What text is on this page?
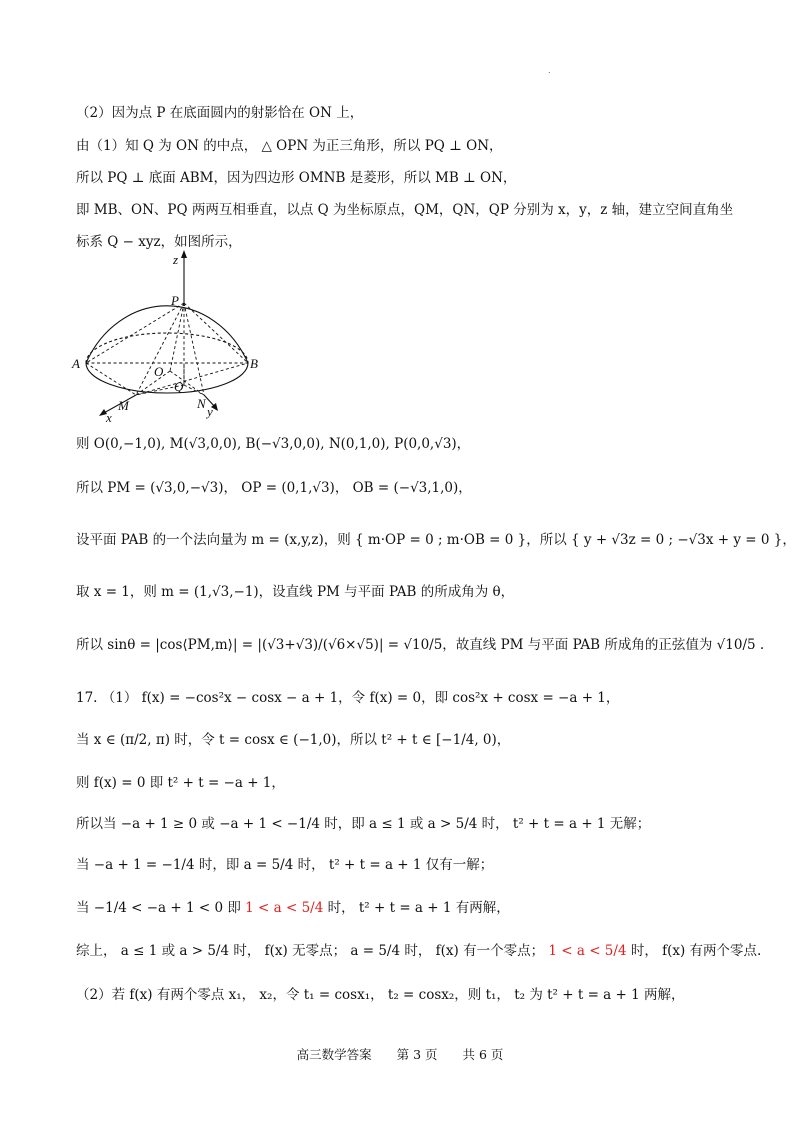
.
（2）因为点 P 在底面圆内的射影恰在 ON 上，
由（1）知 Q 为 ON 的中点， △ OPN 为正三角形，所以 PQ ⊥ ON，
所以 PQ ⊥ 底面 ABM，因为四边形 OMNB 是菱形，所以 MB ⊥ ON，
即 MB、ON、PQ 两两互相垂直，以点 Q 为坐标原点，QM，QN，QP 分别为 x，y，z 轴，建立空间直角坐
标系 Q − xyz，如图所示，
z
P
A	B
O
Q
M	N
x	y
则 O(0,−1,0), M(√3,0,0), B(−√3,0,0), N(0,1,0), P(0,0,√3)，
所以 PM = (√3,0,−√3)， OP = (0,1,√3)， OB = (−√3,1,0)，
设平面 PAB 的一个法向量为 m = (x,y,z)，则 { m·OP = 0 ; m·OB = 0 }，所以 { y + √3z = 0 ; −√3x + y = 0 }，
取 x = 1，则 m = (1,√3,−1)，设直线 PM 与平面 PAB 的所成角为 θ，
所以 sinθ = |cos⟨PM,m⟩| = |(√3+√3)/(√6×√5)| = √10/5，故直线 PM 与平面 PAB 所成角的正弦值为 √10/5 .
17. （1） f(x) = −cos²x − cosx − a + 1，令 f(x) = 0，即 cos²x + cosx = −a + 1，
当 x ∈ (π/2, π) 时，令 t = cosx ∈ (−1,0)，所以 t² + t ∈ [−1/4, 0)，
则 f(x) = 0 即 t² + t = −a + 1，
所以当 −a + 1 ≥ 0 或 −a + 1 < −1/4 时，即 a ≤ 1 或 a > 5/4 时， t² + t = a + 1 无解；
当 −a + 1 = −1/4 时，即 a = 5/4 时， t² + t = a + 1 仅有一解；
当 −1/4 < −a + 1 < 0 即 1 < a < 5/4 时， t² + t = a + 1 有两解，
综上， a ≤ 1 或 a > 5/4 时， f(x) 无零点； a = 5/4 时， f(x) 有一个零点； 1 < a < 5/4 时， f(x) 有两个零点.
（2）若 f(x) 有两个零点 x₁， x₂，令 t₁ = cosx₁， t₂ = cosx₂，则 t₁， t₂ 为 t² + t = a + 1 两解，
高三数学答案　　第 3 页　　共 6 页
